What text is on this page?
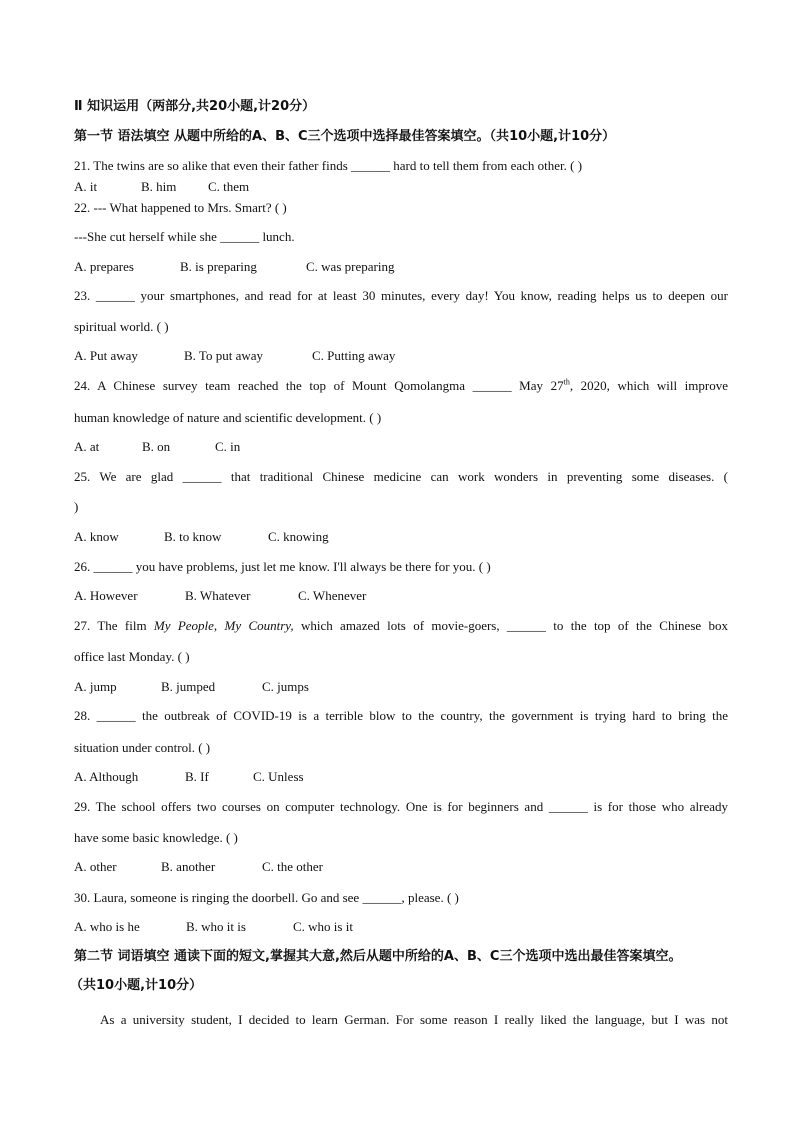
Ⅱ 知识运用（两部分,共20小题,计20分）
第一节 语法填空 从题中所给的A、B、C三个选项中选择最佳答案填空。（共10小题,计10分）
21. The twins are so alike that even their father finds ______ hard to tell them from each other. ( )
A. it	B. him C. them
22. --- What happened to Mrs. Smart? ( )
---She cut herself while she ______ lunch.
A. prepares	B. is preparing	C. was preparing
23. ______ your smartphones, and read for at least 30 minutes, every day! You know, reading helps us to deepen our
spiritual world. ( )
A. Put away	B. To put away	C. Putting away
24. A Chinese survey team reached the top of Mount Qomolangma ______ May 27th, 2020, which will improve
human knowledge of nature and scientific development. ( )
A. at	B. on	C. in
25. We are glad ______ that traditional Chinese medicine can work wonders in preventing some diseases. (
)
A. know	B. to know	C. knowing
26. ______ you have problems, just let me know. I'll always be there for you. ( )
A. However	B. Whatever	C. Whenever
27. The film My People, My Country, which amazed lots of movie-goers, ______ to the top of the Chinese box
office last Monday. ( )
A. jump	B. jumped	C. jumps
28. ______ the outbreak of COVID-19 is a terrible blow to the country, the government is trying hard to bring the
situation under control. ( )
A. Although	B. If	C. Unless
29. The school offers two courses on computer technology. One is for beginners and ______ is for those who already
have some basic knowledge. ( )
A. other	B. another	C. the other
30. Laura, someone is ringing the doorbell. Go and see ______, please. ( )
A. who is he	B. who it is	C. who is it
第二节 词语填空 通读下面的短文,掌握其大意,然后从题中所给的A、B、C三个选项中选出最佳答案填空。
（共10小题,计10分）
As a university student, I decided to learn German. For some reason I really liked the language, but I was not
